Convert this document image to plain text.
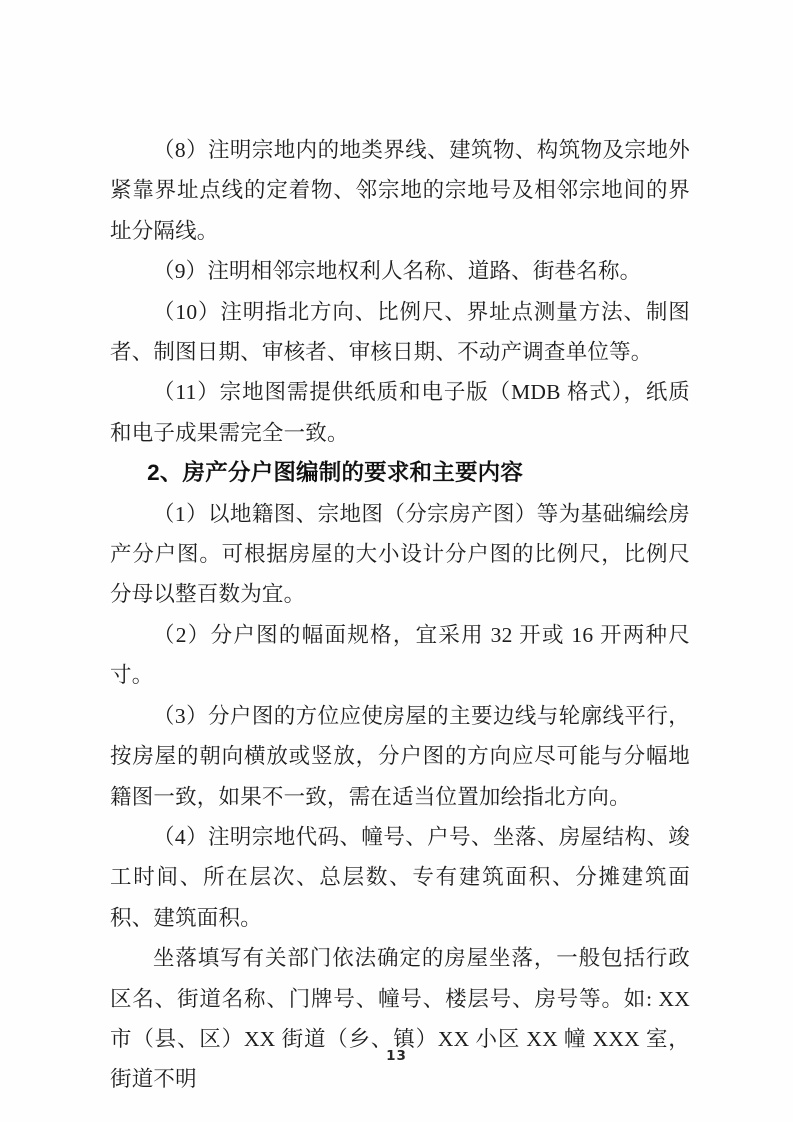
（8）注明宗地内的地类界线、建筑物、构筑物及宗地外紧靠界址点线的定着物、邻宗地的宗地号及相邻宗地间的界址分隔线。

（9）注明相邻宗地权利人名称、道路、街巷名称。

（10）注明指北方向、比例尺、界址点测量方法、制图者、制图日期、审核者、审核日期、不动产调查单位等。

（11）宗地图需提供纸质和电子版（MDB 格式），纸质和电子成果需完全一致。

2、房产分户图编制的要求和主要内容

（1）以地籍图、宗地图（分宗房产图）等为基础编绘房产分户图。可根据房屋的大小设计分户图的比例尺，比例尺分母以整百数为宜。

（2）分户图的幅面规格，宜采用 32 开或 16 开两种尺寸。

（3）分户图的方位应使房屋的主要边线与轮廓线平行，按房屋的朝向横放或竖放，分户图的方向应尽可能与分幅地籍图一致，如果不一致，需在适当位置加绘指北方向。

（4）注明宗地代码、幢号、户号、坐落、房屋结构、竣工时间、所在层次、总层数、专有建筑面积、分摊建筑面积、建筑面积。

坐落填写有关部门依法确定的房屋坐落，一般包括行政区名、街道名称、门牌号、幢号、楼层号、房号等。如: XX 市（县、区）XX 街道（乡、镇）XX 小区 XX 幢 XXX 室，街道不明

13
